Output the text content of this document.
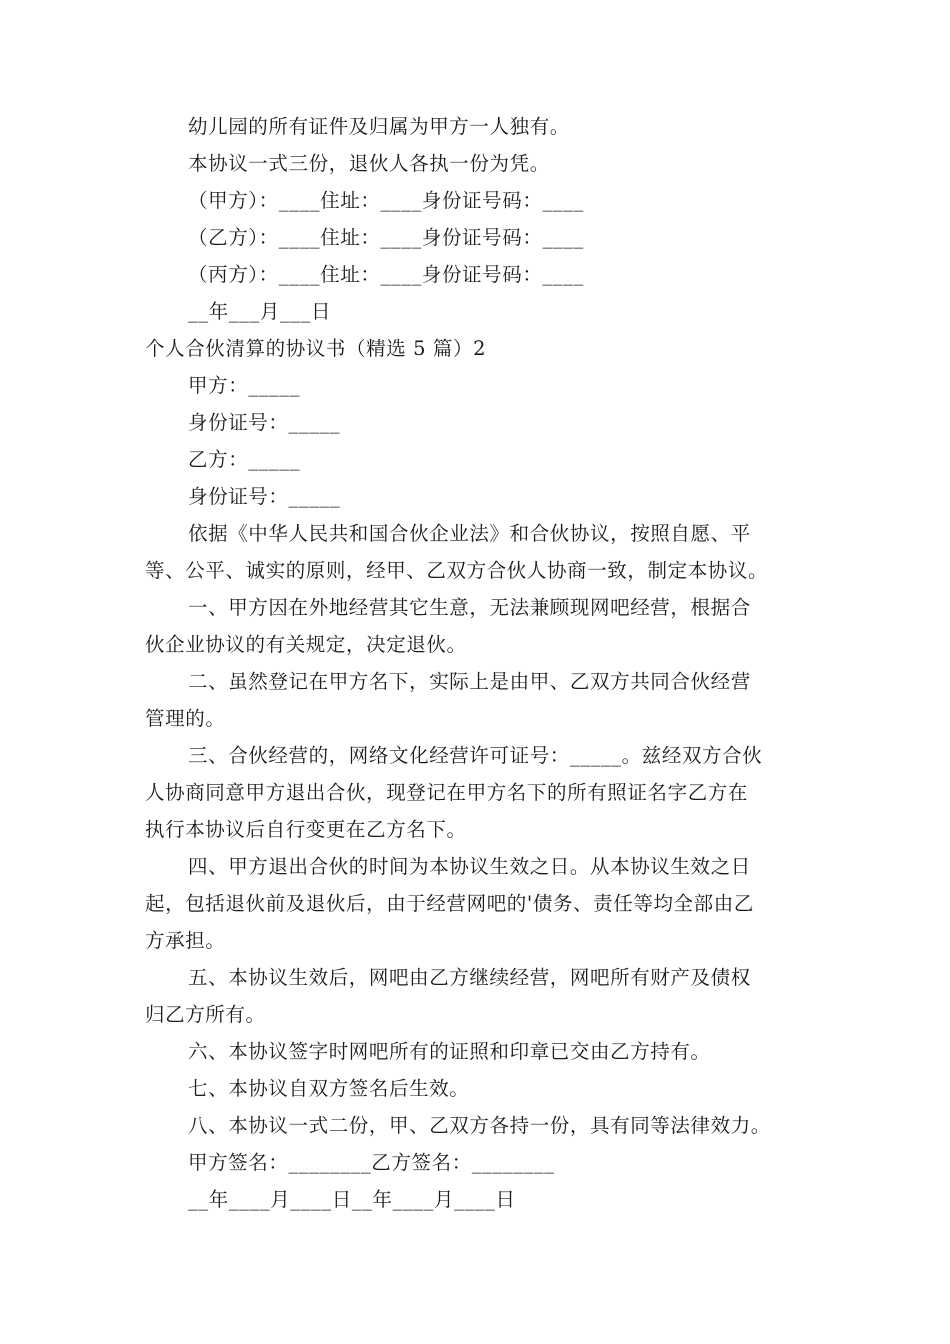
幼儿园的所有证件及归属为甲方一人独有。
本协议一式三份，退伙人各执一份为凭。
（甲方）：____住址：____身份证号码：____
（乙方）：____住址：____身份证号码：____
（丙方）：____住址：____身份证号码：____
__年___月___日
个人合伙清算的协议书（精选 5 篇）2
甲方：_____
身份证号：_____
乙方：_____
身份证号：_____
依据《中华人民共和国合伙企业法》和合伙协议，按照自愿、平
等、公平、诚实的原则，经甲、乙双方合伙人协商一致，制定本协议。
一、甲方因在外地经营其它生意，无法兼顾现网吧经营，根据合
伙企业协议的有关规定，决定退伙。
二、虽然登记在甲方名下，实际上是由甲、乙双方共同合伙经营
管理的。
三、合伙经营的，网络文化经营许可证号：_____。兹经双方合伙
人协商同意甲方退出合伙，现登记在甲方名下的所有照证名字乙方在
执行本协议后自行变更在乙方名下。
四、甲方退出合伙的时间为本协议生效之日。从本协议生效之日
起，包括退伙前及退伙后，由于经营网吧的'债务、责任等均全部由乙
方承担。
五、本协议生效后，网吧由乙方继续经营，网吧所有财产及债权
归乙方所有。
六、本协议签字时网吧所有的证照和印章已交由乙方持有。
七、本协议自双方签名后生效。
八、本协议一式二份，甲、乙双方各持一份，具有同等法律效力。
甲方签名：________乙方签名：________
__年____月____日__年____月____日
